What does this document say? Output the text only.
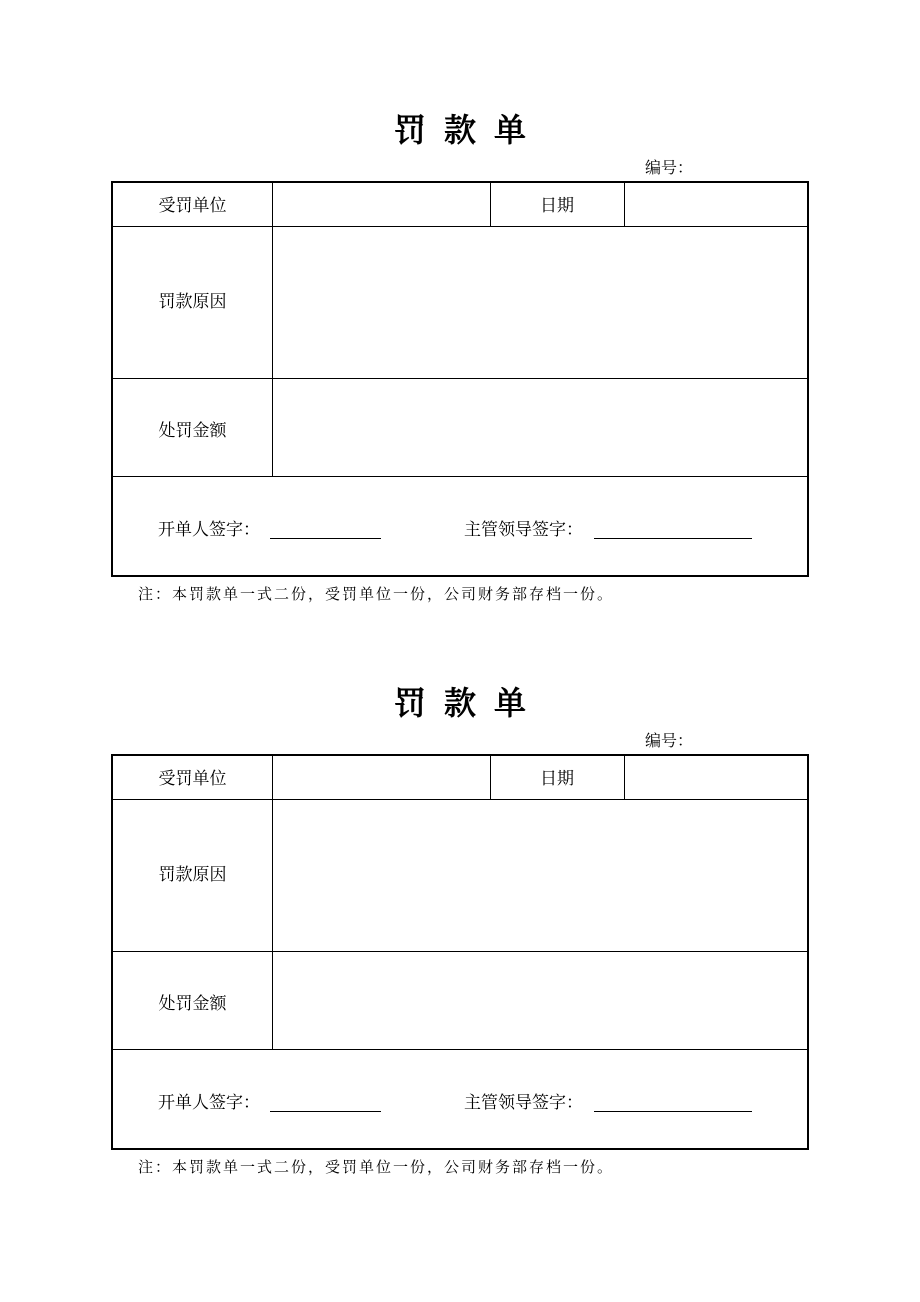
罚款单
编号：
受罚单位	日期
罚款原因
处罚金额
开单人签字：	主管领导签字：
注：本罚款单一式二份，受罚单位一份，公司财务部存档一份。
罚款单
编号：
受罚单位	日期
罚款原因
处罚金额
开单人签字：	主管领导签字：
注：本罚款单一式二份，受罚单位一份，公司财务部存档一份。
